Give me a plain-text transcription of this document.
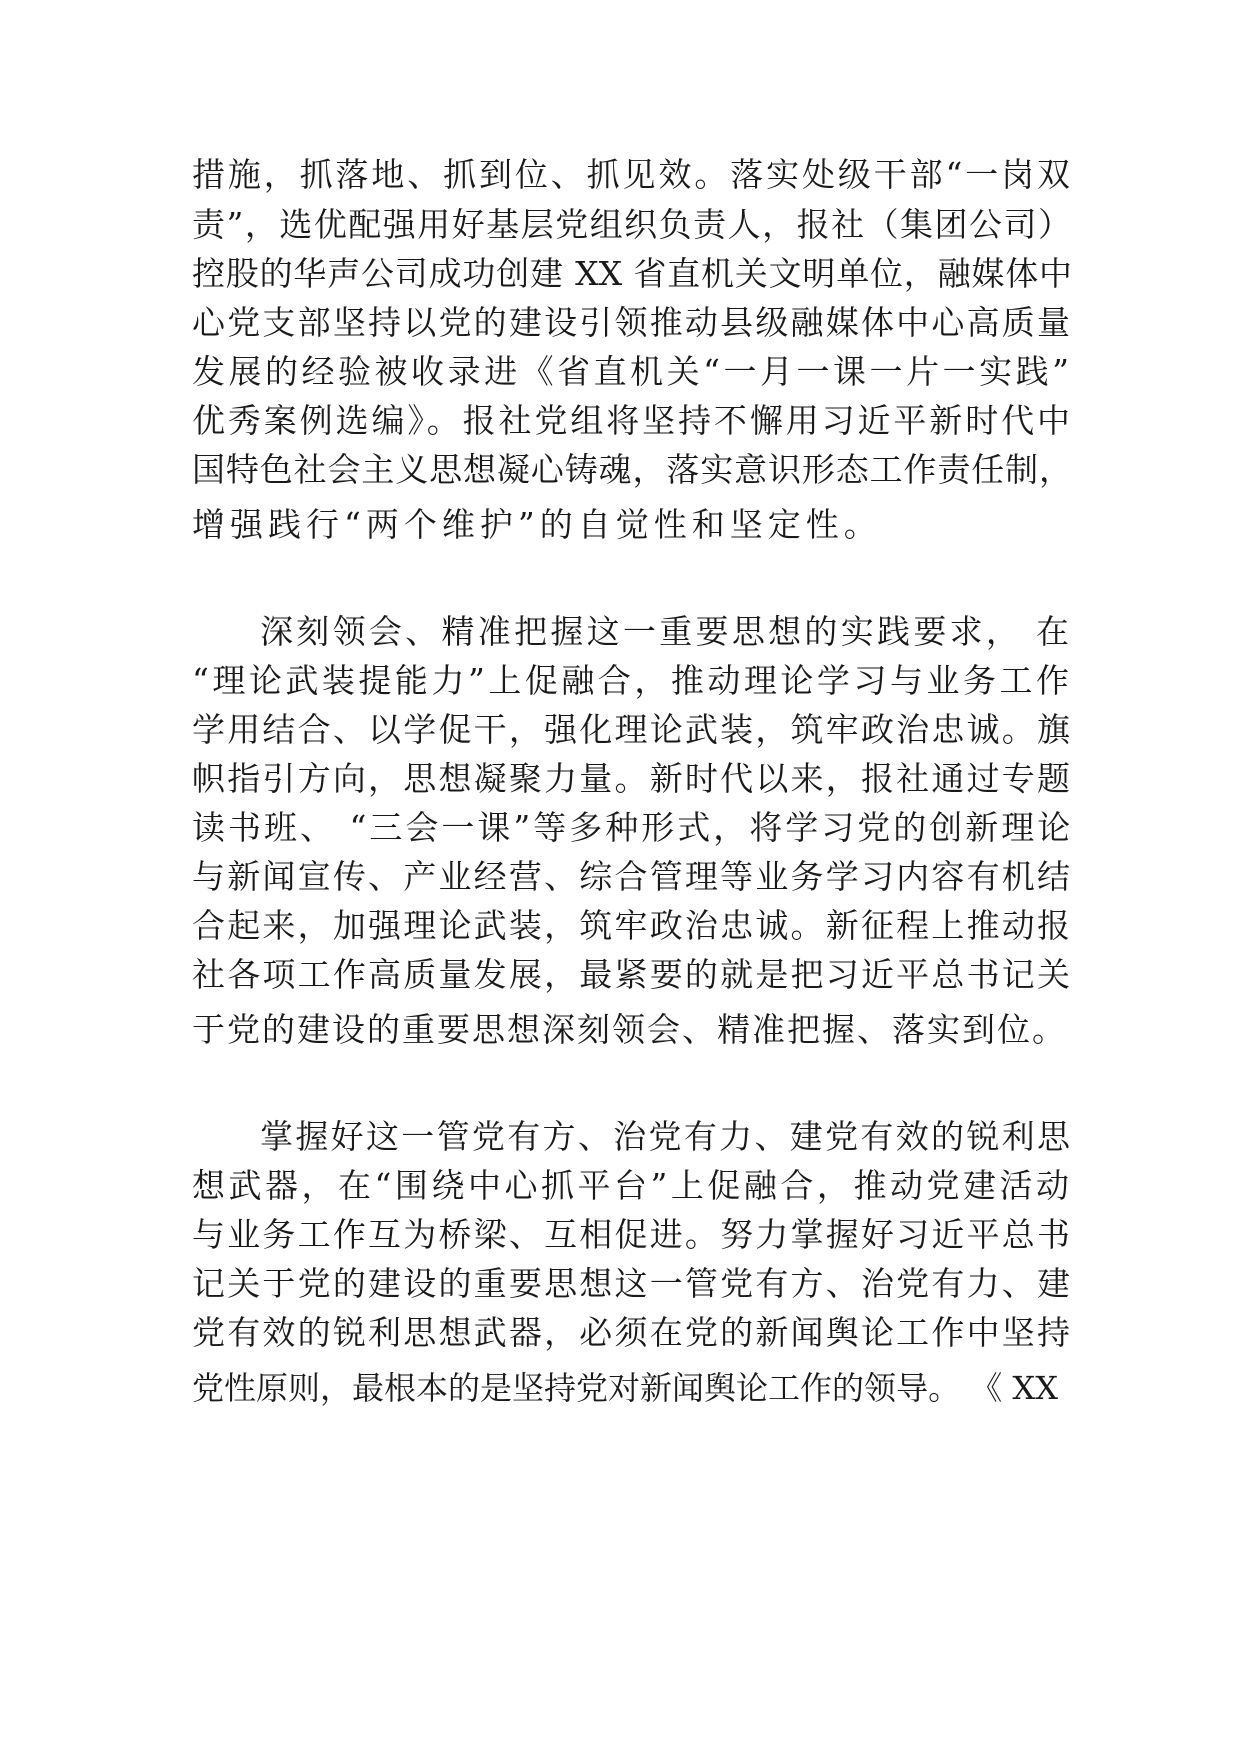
措施，抓落地、抓到位、抓见效。落实处级干部“一岗双
责”，选优配强用好基层党组织负责人，报社（集团公司）
控股的华声公司成功创建 XX 省直机关文明单位，融媒体中
心党支部坚持以党的建设引领推动县级融媒体中心高质量
发展的经验被收录进《省直机关“一月一课一片一实践”
优秀案例选编》。报社党组将坚持不懈用习近平新时代中
国特色社会主义思想凝心铸魂，落实意识形态工作责任制，
增强践行“两个维护”的自觉性和坚定性。
深刻领会、精准把握这一重要思想的实践要求， 在
“理论武装提能力”上促融合，推动理论学习与业务工作
学用结合、以学促干，强化理论武装，筑牢政治忠诚。旗
帜指引方向，思想凝聚力量。新时代以来，报社通过专题
读书班、 “三会一课”等多种形式，将学习党的创新理论
与新闻宣传、产业经营、综合管理等业务学习内容有机结
合起来，加强理论武装，筑牢政治忠诚。新征程上推动报
社各项工作高质量发展，最紧要的就是把习近平总书记关
于党的建设的重要思想深刻领会、精准把握、落实到位。
掌握好这一管党有方、治党有力、建党有效的锐利思
想武器，在“围绕中心抓平台”上促融合，推动党建活动
与业务工作互为桥梁、互相促进。努力掌握好习近平总书
记关于党的建设的重要思想这一管党有方、治党有力、建
党有效的锐利思想武器，必须在党的新闻舆论工作中坚持
党性原则，最根本的是坚持党对新闻舆论工作的领导。 《 XX
